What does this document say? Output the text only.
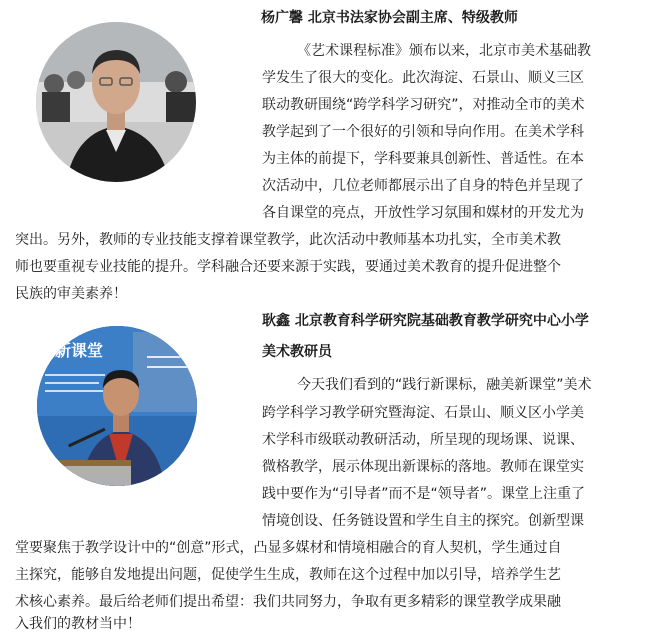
杨广馨 北京书法家协会副主席、特级教师
《艺术课程标准》颁布以来，北京市美术基础教
学发生了很大的变化。此次海淀、石景山、顺义三区
联动教研围绕“跨学科学习研究”，对推动全市的美术
教学起到了一个很好的引领和导向作用。在美术学科
为主体的前提下，学科要兼具创新性、普适性。在本
次活动中，几位老师都展示出了自身的特色并呈现了
各自课堂的亮点，开放性学习氛围和媒材的开发尤为
突出。另外，教师的专业技能支撑着课堂教学，此次活动中教师基本功扎实，全市美术教
师也要重视专业技能的提升。学科融合还要来源于实践，要通过美术教育的提升促进整个
民族的审美素养！
新课堂
耿鑫 北京教育科学研究院基础教育教学研究中心小学
美术教研员
今天我们看到的“践行新课标，融美新课堂”美术
跨学科学习教学研究暨海淀、石景山、顺义区小学美
术学科市级联动教研活动，所呈现的现场课、说课、
微格教学，展示体现出新课标的落地。教师在课堂实
践中要作为“引导者”而不是“领导者”。课堂上注重了
情境创设、任务链设置和学生自主的探究。创新型课
堂要聚焦于教学设计中的“创意”形式，凸显多媒材和情境相融合的育人契机，学生通过自
主探究，能够自发地提出问题，促使学生生成，教师在这个过程中加以引导，培养学生艺
术核心素养。最后给老师们提出希望：我们共同努力，争取有更多精彩的课堂教学成果融
入我们的教材当中！
